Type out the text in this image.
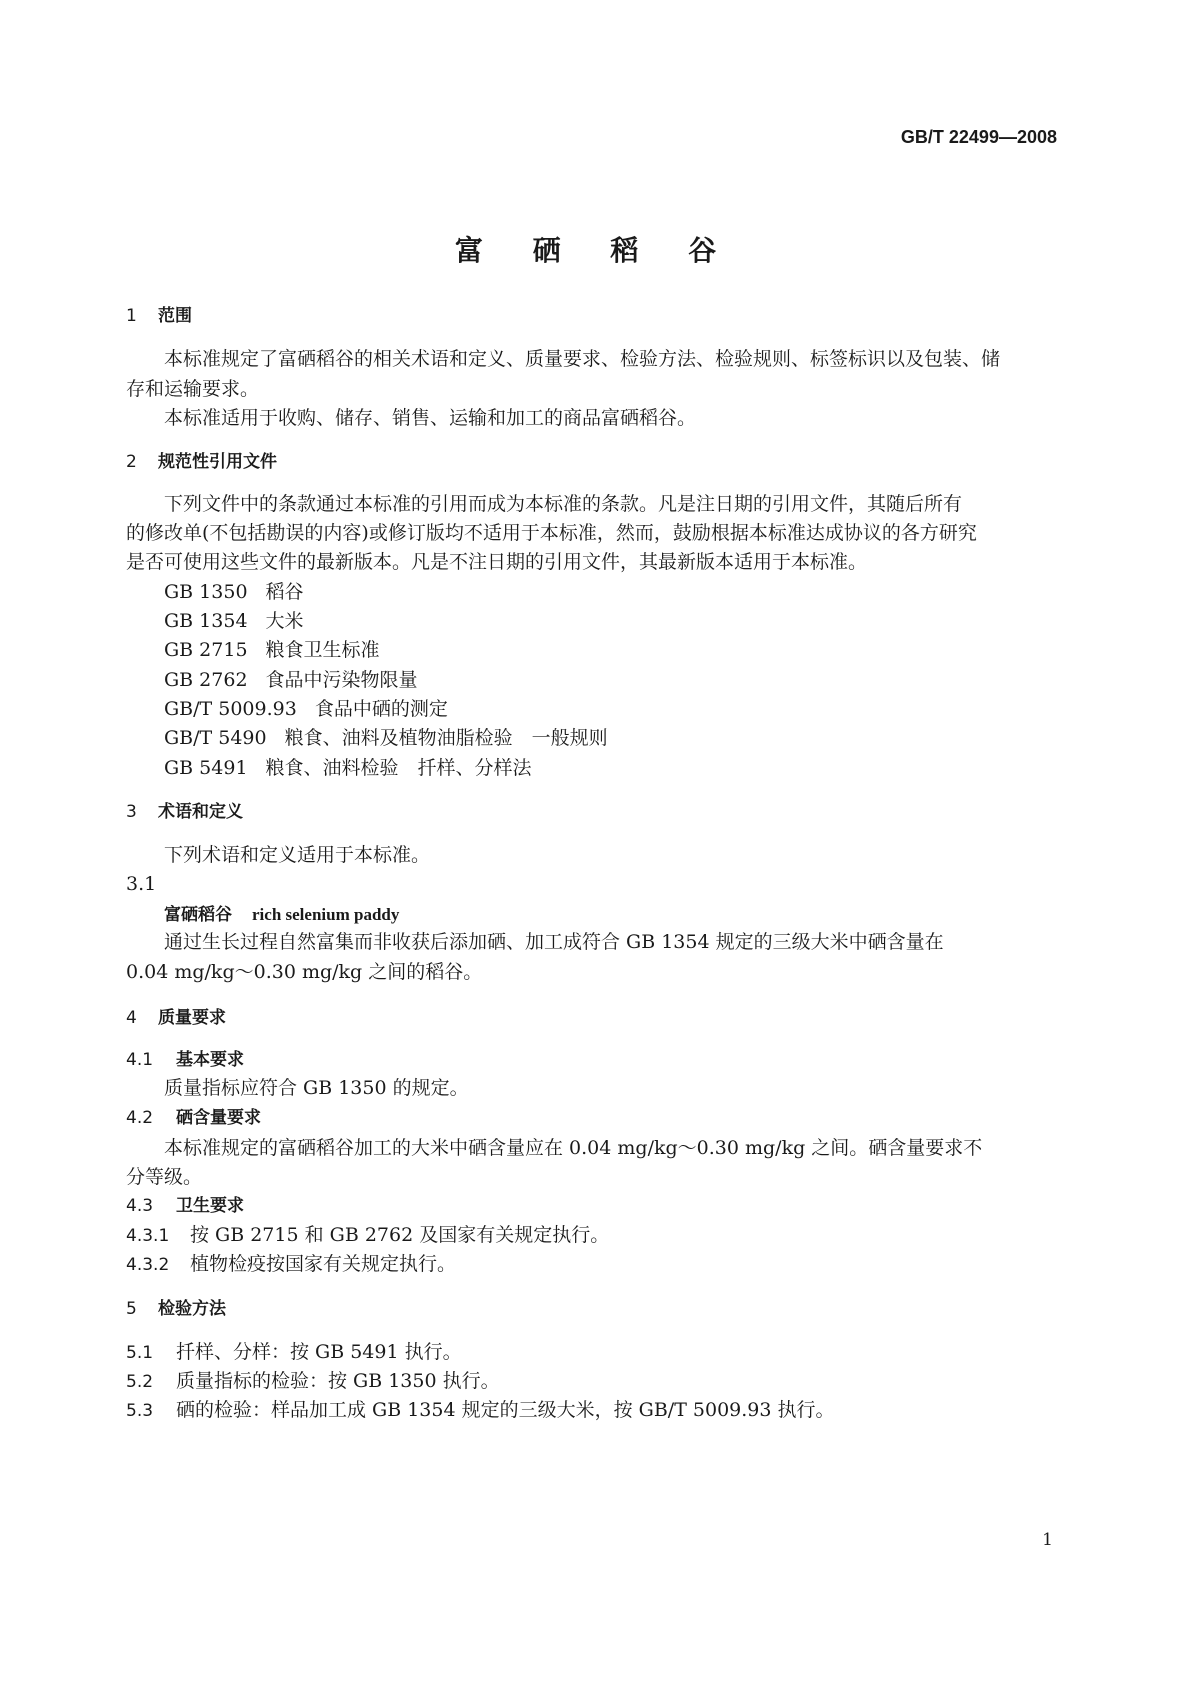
GB/T 22499—2008
富 硒 稻 谷
1 范围
本标准规定了富硒稻谷的相关术语和定义、质量要求、检验方法、检验规则、标签标识以及包装、储
存和运输要求。
本标准适用于收购、储存、销售、运输和加工的商品富硒稻谷。
2 规范性引用文件
下列文件中的条款通过本标准的引用而成为本标准的条款。凡是注日期的引用文件，其随后所有
的修改单(不包括勘误的内容)或修订版均不适用于本标准，然而，鼓励根据本标准达成协议的各方研究
是否可使用这些文件的最新版本。凡是不注日期的引用文件，其最新版本适用于本标准。
GB 1350 稻谷
GB 1354 大米
GB 2715 粮食卫生标准
GB 2762 食品中污染物限量
GB/T 5009.93 食品中硒的测定
GB/T 5490 粮食、油料及植物油脂检验　一般规则
GB 5491 粮食、油料检验　扦样、分样法
3 术语和定义
下列术语和定义适用于本标准。
3.1
富硒稻谷 rich selenium paddy
通过生长过程自然富集而非收获后添加硒、加工成符合 GB 1354 规定的三级大米中硒含量在
0.04 mg/kg～0.30 mg/kg 之间的稻谷。
4 质量要求
4.1 基本要求
质量指标应符合 GB 1350 的规定。
4.2 硒含量要求
本标准规定的富硒稻谷加工的大米中硒含量应在 0.04 mg/kg～0.30 mg/kg 之间。硒含量要求不
分等级。
4.3 卫生要求
4.3.1 按 GB 2715 和 GB 2762 及国家有关规定执行。
4.3.2 植物检疫按国家有关规定执行。
5 检验方法
5.1 扦样、分样：按 GB 5491 执行。
5.2 质量指标的检验：按 GB 1350 执行。
5.3 硒的检验：样品加工成 GB 1354 规定的三级大米，按 GB/T 5009.93 执行。
1
